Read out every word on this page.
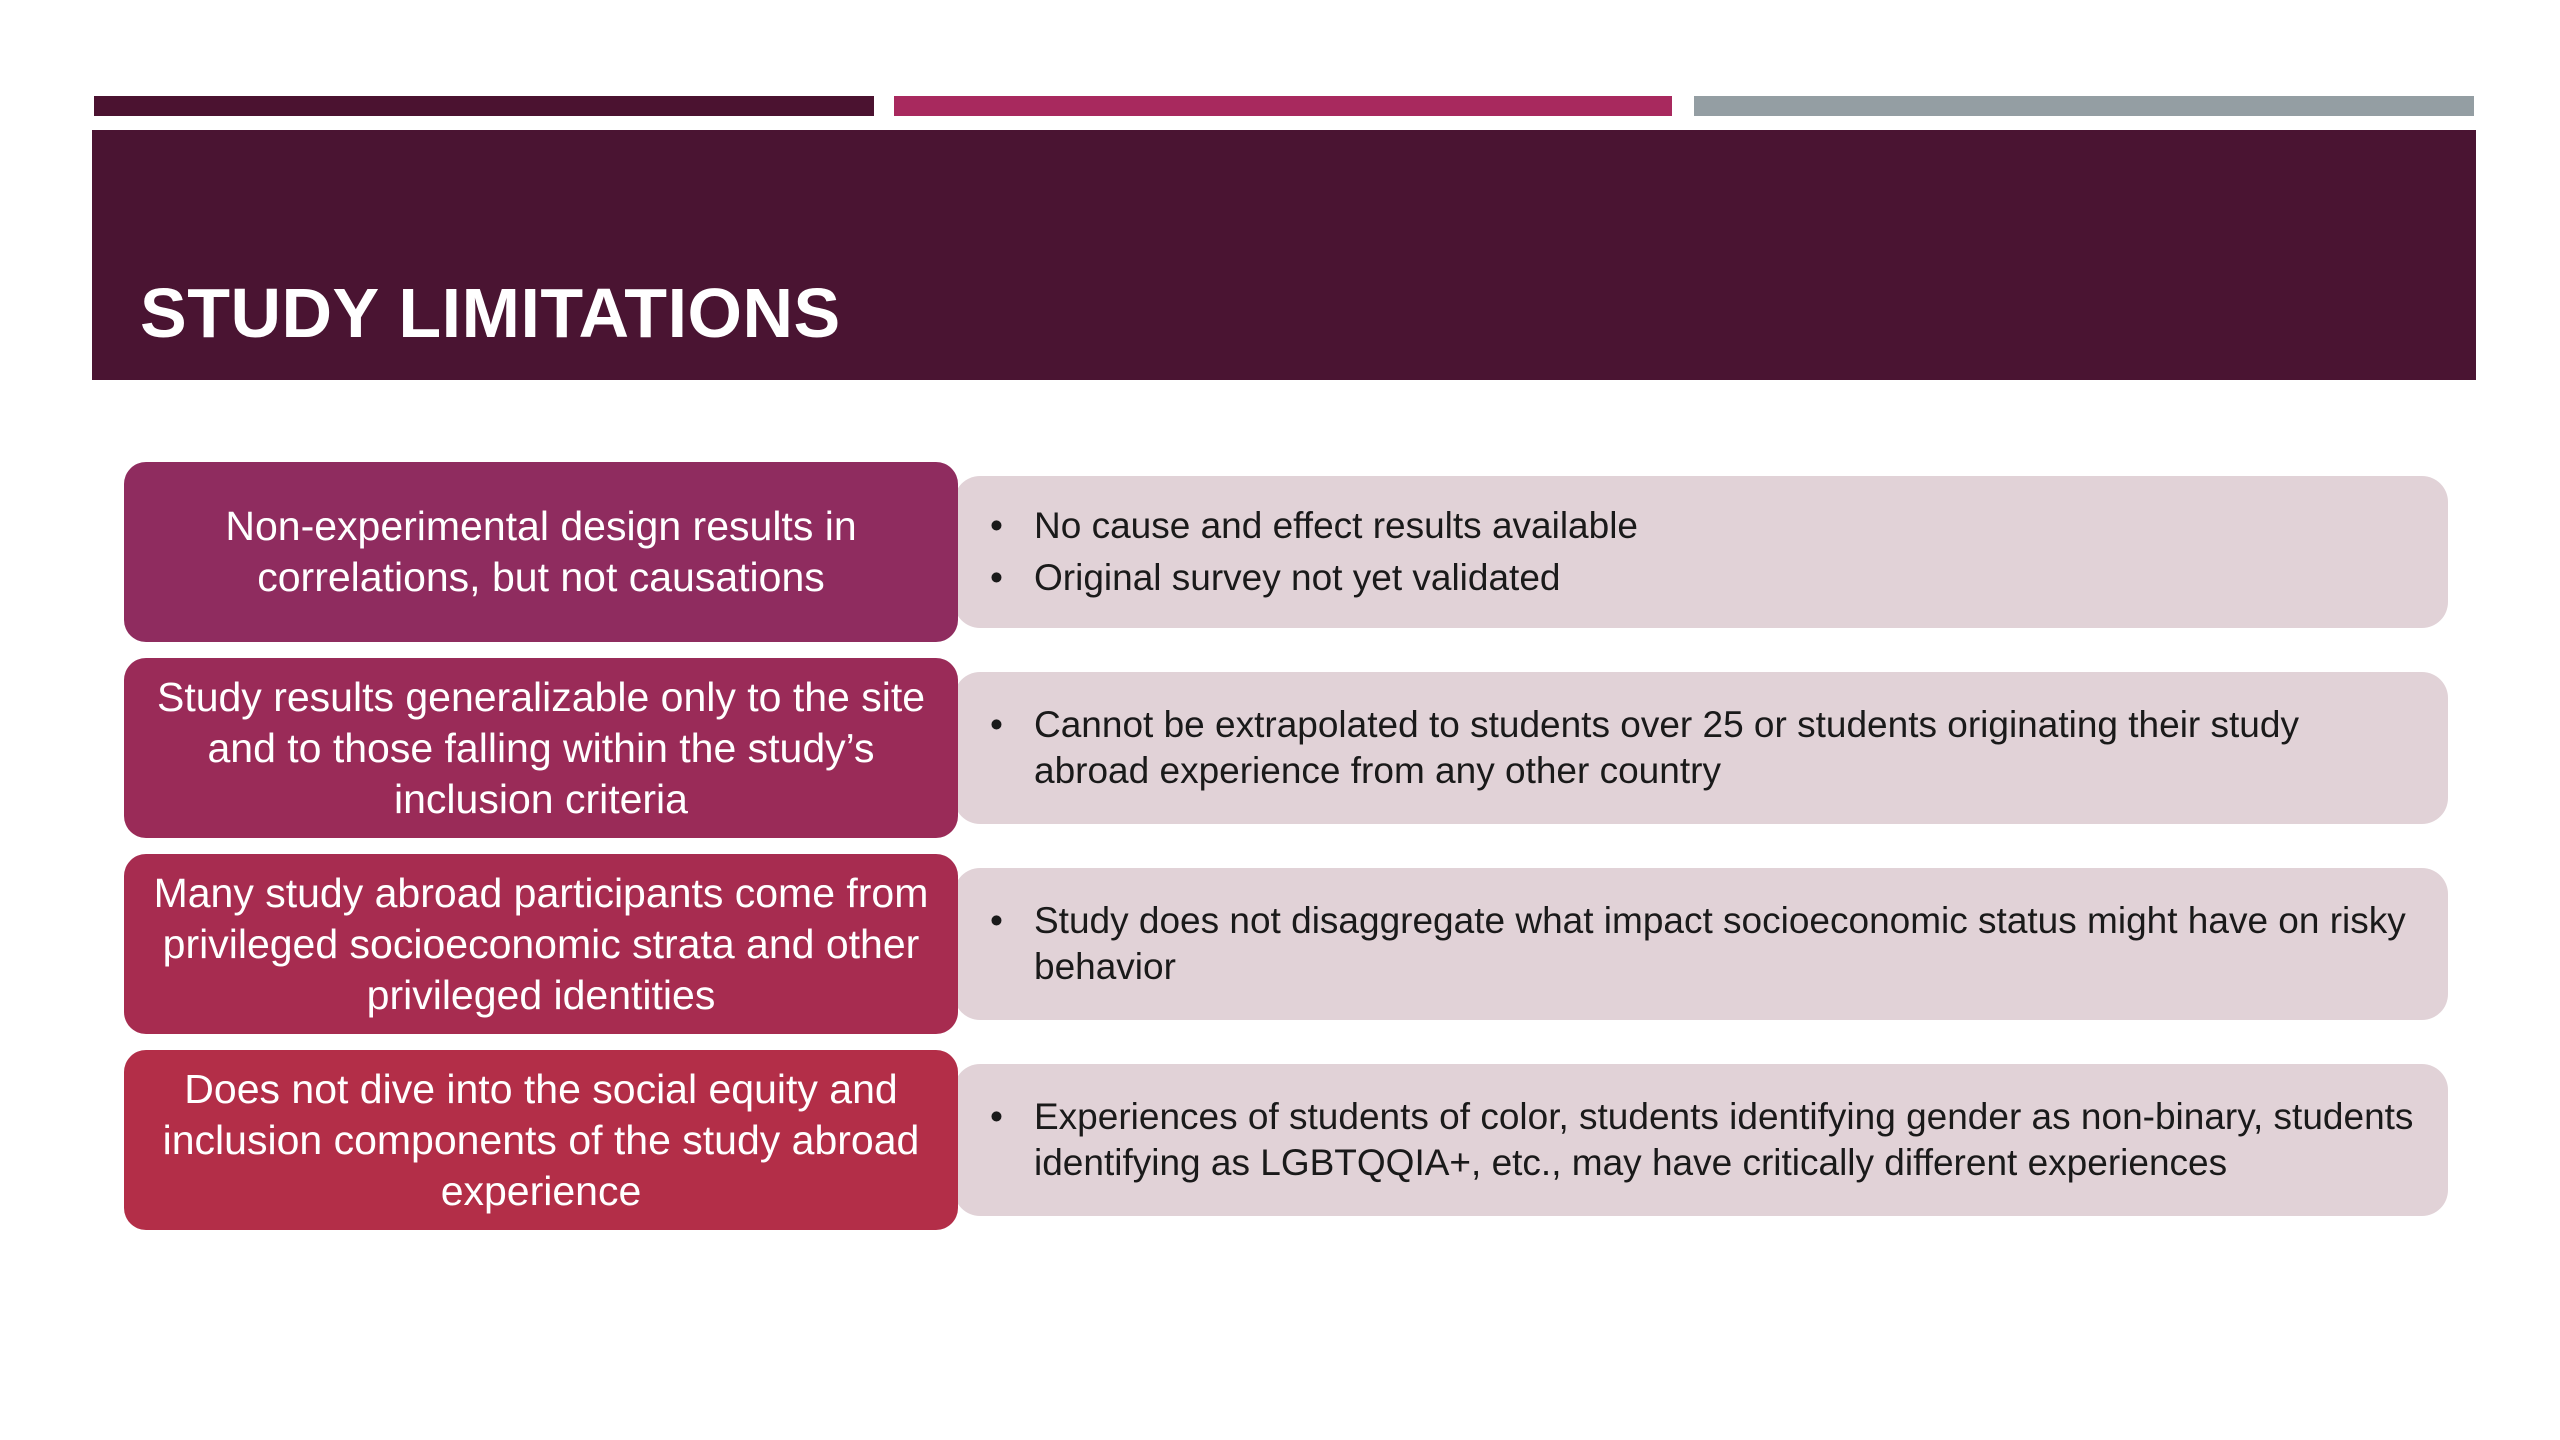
STUDY LIMITATIONS
• No cause and effect results available
• Original survey not yet validated
Non-experimental design results in correlations, but not causations
• Cannot be extrapolated to students over 25 or students originating their study abroad experience from any other country
Study results generalizable only to the site and to those falling within the study’s inclusion criteria
• Study does not disaggregate what impact socioeconomic status might have on risky behavior
Many study abroad participants come from privileged socioeconomic strata and other privileged identities
• Experiences of students of color, students identifying gender as non-binary, students identifying as LGBTQQIA+, etc., may have critically different experiences
Does not dive into the social equity and inclusion components of the study abroad experience
